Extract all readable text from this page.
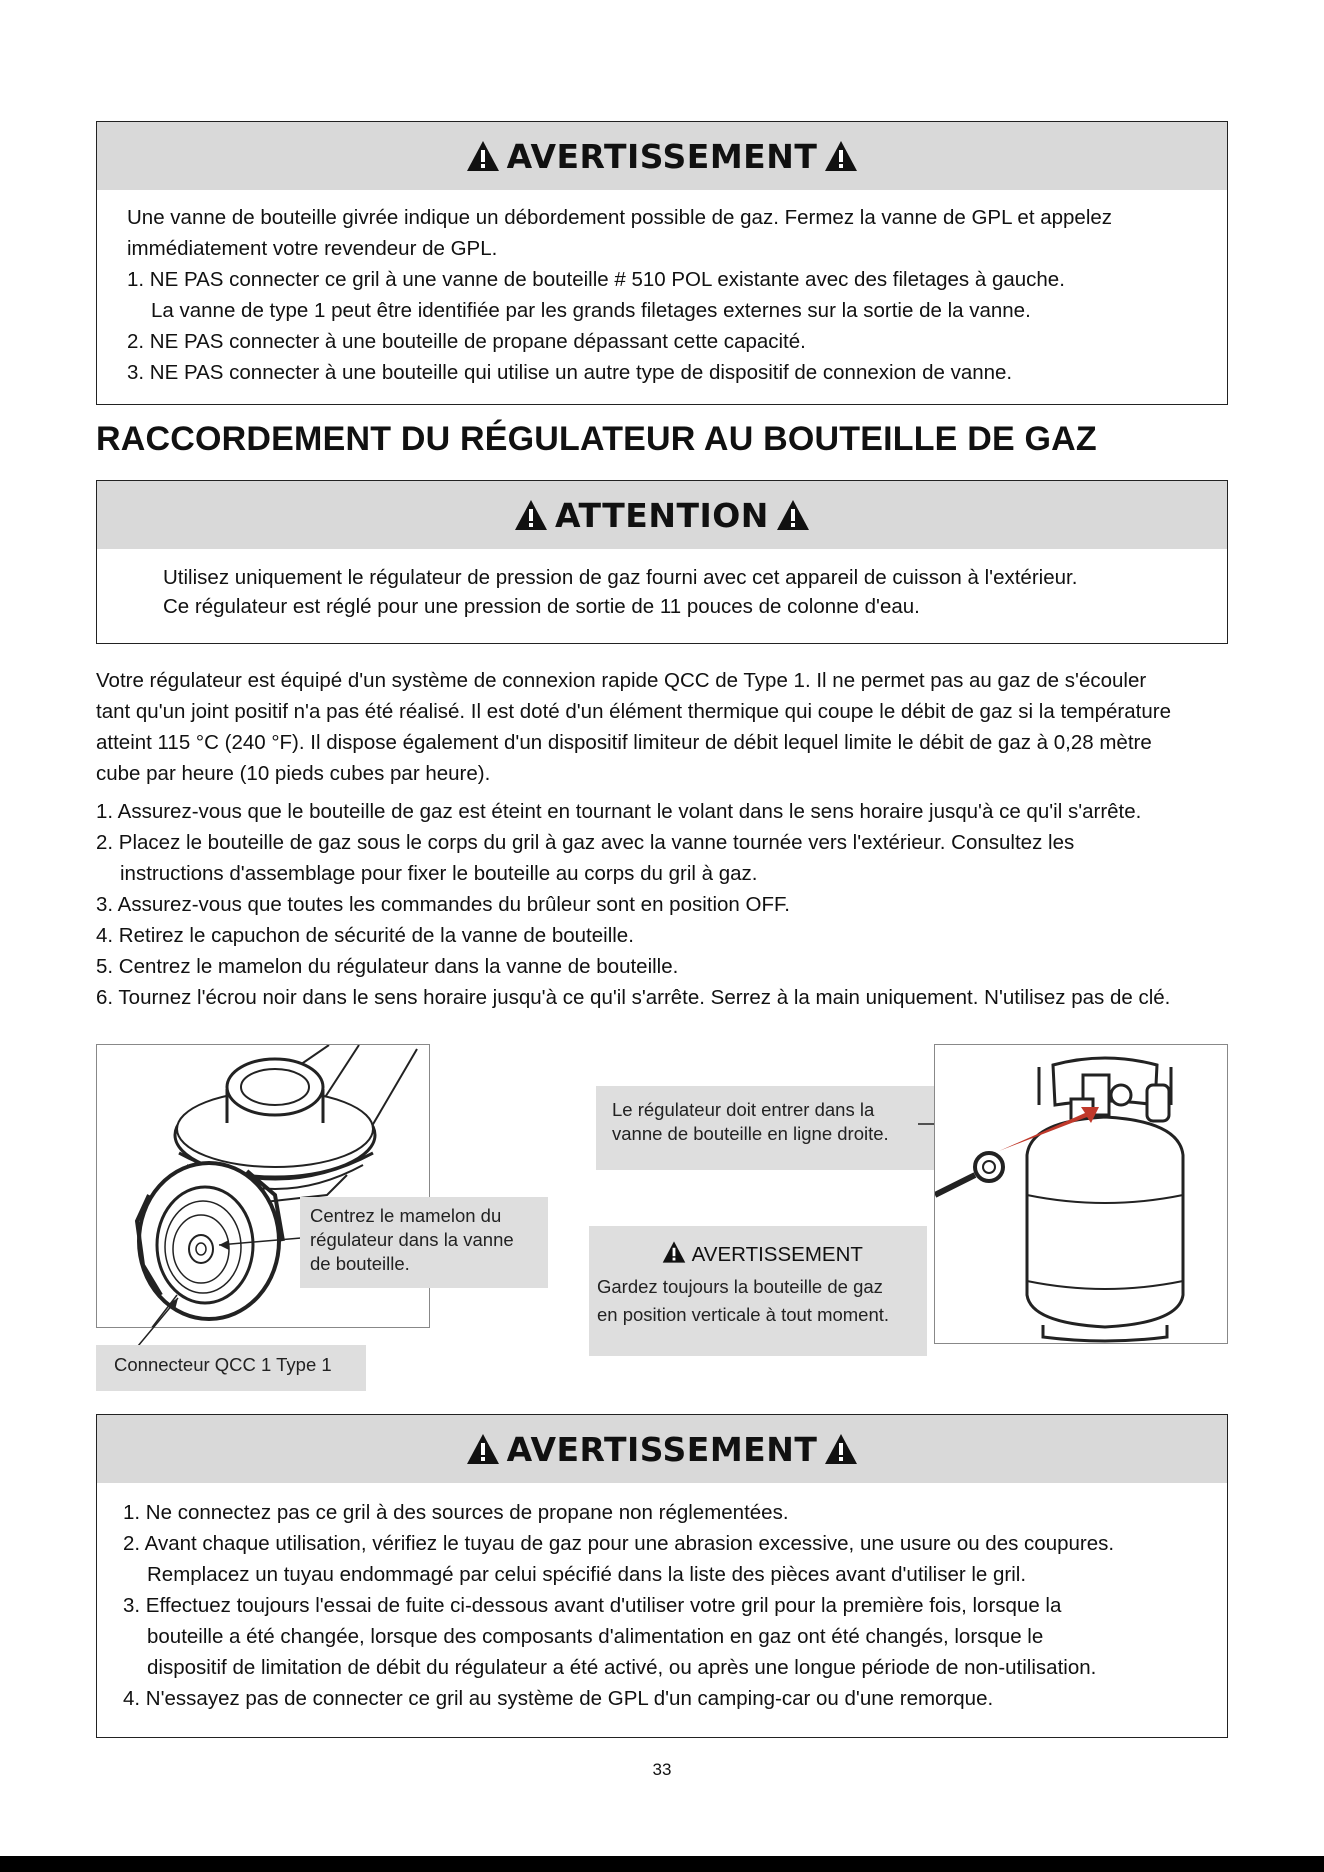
AVERTISSEMENT
Une vanne de bouteille givrée indique un débordement possible de gaz. Fermez la vanne de GPL et appelez
immédiatement votre revendeur de GPL.
1. NE PAS connecter ce gril à une vanne de bouteille # 510 POL existante avec des filetages à gauche.
La vanne de type 1 peut être identifiée par les grands filetages externes sur la sortie de la vanne.
2. NE PAS connecter à une bouteille de propane dépassant cette capacité.
3. NE PAS connecter à une bouteille qui utilise un autre type de dispositif de connexion de vanne.
RACCORDEMENT DU RÉGULATEUR AU BOUTEILLE DE GAZ
ATTENTION
Utilisez uniquement le régulateur de pression de gaz fourni avec cet appareil de cuisson à l'extérieur.
Ce régulateur est réglé pour une pression de sortie de 11 pouces de colonne d'eau.
Votre régulateur est équipé d'un système de connexion rapide QCC de Type 1. Il ne permet pas au gaz de s'écouler
tant qu'un joint positif n'a pas été réalisé. Il est doté d'un élément thermique qui coupe le débit de gaz si la température
atteint 115 °C (240 °F). Il dispose également d'un dispositif limiteur de débit lequel limite le débit de gaz à 0,28 mètre
cube par heure (10 pieds cubes par heure).
1. Assurez-vous que le bouteille de gaz est éteint en tournant le volant dans le sens horaire jusqu'à ce qu'il s'arrête.
2. Placez le bouteille de gaz sous le corps du gril à gaz avec la vanne tournée vers l'extérieur. Consultez les
instructions d'assemblage pour fixer le bouteille au corps du gril à gaz.
3. Assurez-vous que toutes les commandes du brûleur sont en position OFF.
4. Retirez le capuchon de sécurité de la vanne de bouteille.
5. Centrez le mamelon du régulateur dans la vanne de bouteille.
6. Tournez l'écrou noir dans le sens horaire jusqu'à ce qu'il s'arrête. Serrez à la main uniquement. N'utilisez pas de clé.
Centrez le mamelon du
régulateur dans la vanne
de bouteille.
Connecteur QCC 1 Type 1
Le régulateur doit entrer dans la
vanne de bouteille en ligne droite.
AVERTISSEMENT
Gardez toujours la bouteille de gaz
en position verticale à tout moment.
AVERTISSEMENT
1. Ne connectez pas ce gril à des sources de propane non réglementées.
2. Avant chaque utilisation, vérifiez le tuyau de gaz pour une abrasion excessive, une usure ou des coupures.
Remplacez un tuyau endommagé par celui spécifié dans la liste des pièces avant d'utiliser le gril.
3. Effectuez toujours l'essai de fuite ci-dessous avant d'utiliser votre gril pour la première fois, lorsque la
bouteille a été changée, lorsque des composants d'alimentation en gaz ont été changés, lorsque le
dispositif de limitation de débit du régulateur a été activé, ou après une longue période de non-utilisation.
4. N'essayez pas de connecter ce gril au système de GPL d'un camping-car ou d'une remorque.
33
